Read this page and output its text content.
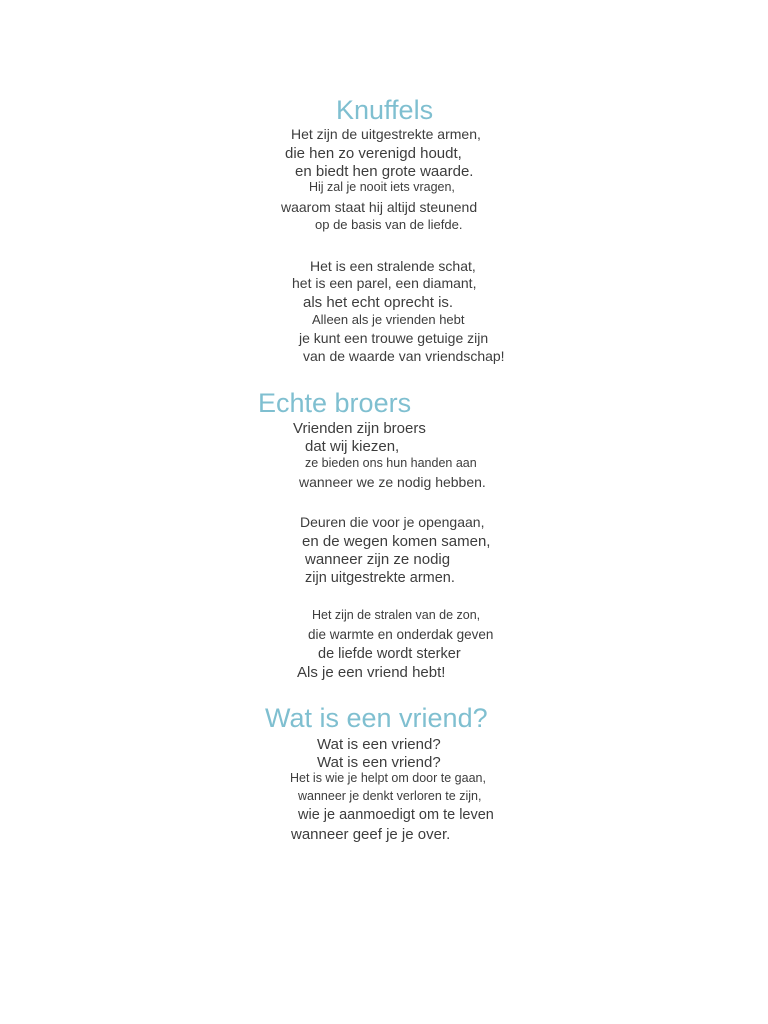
Knuffels
Het zijn de uitgestrekte armen,
die hen zo verenigd houdt,
en biedt hen grote waarde.
Hij zal je nooit iets vragen,
waarom staat hij altijd steunend
op de basis van de liefde.
Het is een stralende schat,
het is een parel, een diamant,
als het echt oprecht is.
Alleen als je vrienden hebt
je kunt een trouwe getuige zijn
van de waarde van vriendschap!
Echte broers
Vrienden zijn broers
dat wij kiezen,
ze bieden ons hun handen aan
wanneer we ze nodig hebben.
Deuren die voor je opengaan,
en de wegen komen samen,
wanneer zijn ze nodig
zijn uitgestrekte armen.
Het zijn de stralen van de zon,
die warmte en onderdak geven
de liefde wordt sterker
Als je een vriend hebt!
Wat is een vriend?
Wat is een vriend?
Wat is een vriend?
Het is wie je helpt om door te gaan,
wanneer je denkt verloren te zijn,
wie je aanmoedigt om te leven
wanneer geef je je over.
